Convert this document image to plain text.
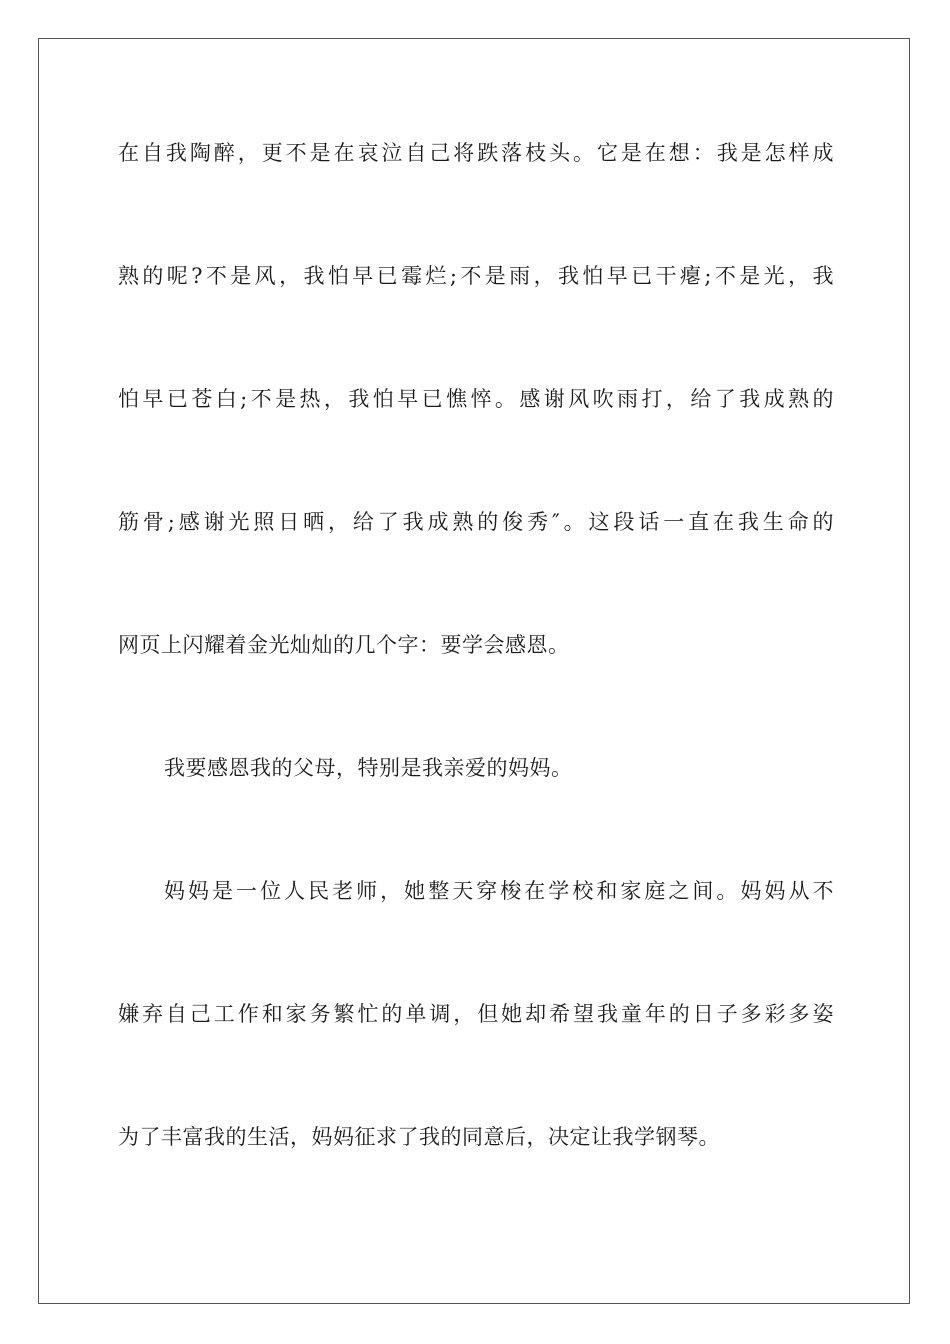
在自我陶醉，更不是在哀泣自己将跌落枝头。它是在想：我是怎样成
熟的呢?不是风，我怕早已霉烂;不是雨，我怕早已干瘪;不是光，我
怕早已苍白;不是热，我怕早已憔悴。感谢风吹雨打，给了我成熟的
筋骨;感谢光照日晒，给了我成熟的俊秀″。这段话一直在我生命的
网页上闪耀着金光灿灿的几个字：要学会感恩。
我要感恩我的父母，特别是我亲爱的妈妈。
妈妈是一位人民老师，她整天穿梭在学校和家庭之间。妈妈从不
嫌弃自己工作和家务繁忙的单调，但她却希望我童年的日子多彩多姿
为了丰富我的生活，妈妈征求了我的同意后，决定让我学钢琴。
